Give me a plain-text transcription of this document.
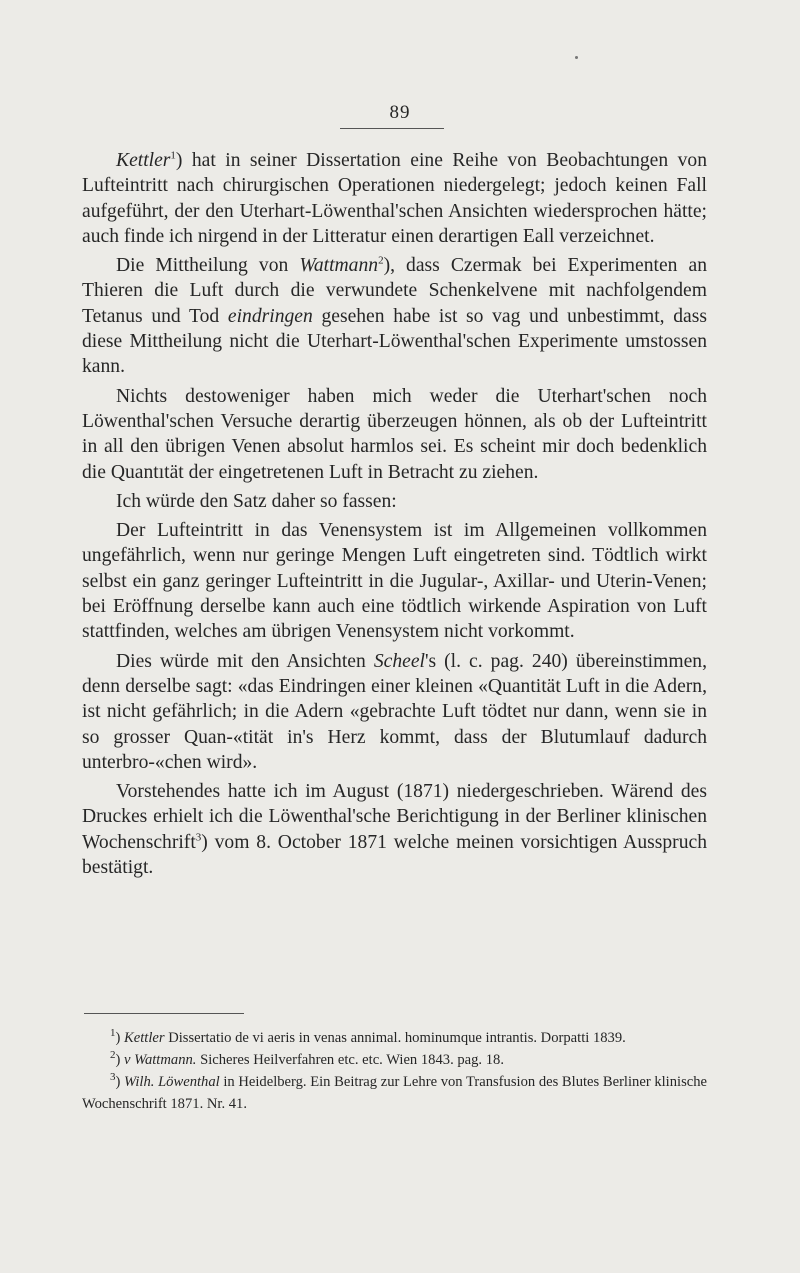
89

Kettler$^1$) hat in seiner Dissertation eine Reihe von Beobachtungen von Lufteintritt nach chirurgischen Operationen niedergelegt; jedoch keinen Fall aufgeführt, der den Uterhart-Löwenthal'schen Ansichten wiedersprochen hätte; auch finde ich nirgend in der Litteratur einen derartigen Eall verzeichnet.

Die Mittheilung von Wattmann$^2$), dass Czermak bei Experimenten an Thieren die Luft durch die verwundete Schenkelvene mit nachfolgendem Tetanus und Tod eindringen gesehen habe ist so vag und unbestimmt, dass diese Mittheilung nicht die Uterhart-Löwenthal'schen Experimente umstossen kann.

Nichts destoweniger haben mich weder die Uterhart'schen noch Löwenthal'schen Versuche derartig überzeugen hönnen, als ob der Lufteintritt in all den übrigen Venen absolut harmlos sei. Es scheint mir doch bedenklich die Quantıtät der eingetretenen Luft in Betracht zu ziehen.

Ich würde den Satz daher so fassen:

Der Lufteintritt in das Venensystem ist im Allgemeinen vollkommen ungefährlich, wenn nur geringe Mengen Luft eingetreten sind. Tödtlich wirkt selbst ein ganz geringer Lufteintritt in die Jugular-, Axillar- und Uterin-Venen; bei Eröffnung derselbe kann auch eine tödtlich wirkende Aspiration von Luft stattfinden, welches am übrigen Venensystem nicht vorkommt.

Dies würde mit den Ansichten Scheel's (l. c. pag. 240) übereinstimmen, denn derselbe sagt: «das Eindringen einer kleinen «Quantität Luft in die Adern, ist nicht gefährlich; in die Adern «gebrachte Luft tödtet nur dann, wenn sie in so grosser Quan-«tität in's Herz kommt, dass der Blutumlauf dadurch unterbro-«chen wird».

Vorstehendes hatte ich im August (1871) niedergeschrieben. Wärend des Druckes erhielt ich die Löwenthal'sche Berichtigung in der Berliner klinischen Wochenschrift$^3$) vom 8. October 1871 welche meinen vorsichtigen Ausspruch bestätigt.

$^1$) Kettler Dissertatio de vi aeris in venas annimal. hominumque intrantis. Dorpatti 1839.

$^2$) v Wattmann. Sicheres Heilverfahren etc. etc. Wien 1843. pag. 18.

$^3$) Wilh. Löwenthal in Heidelberg. Ein Beitrag zur Lehre von Transfusion des Blutes Berliner klinische Wochenschrift 1871. Nr. 41.
